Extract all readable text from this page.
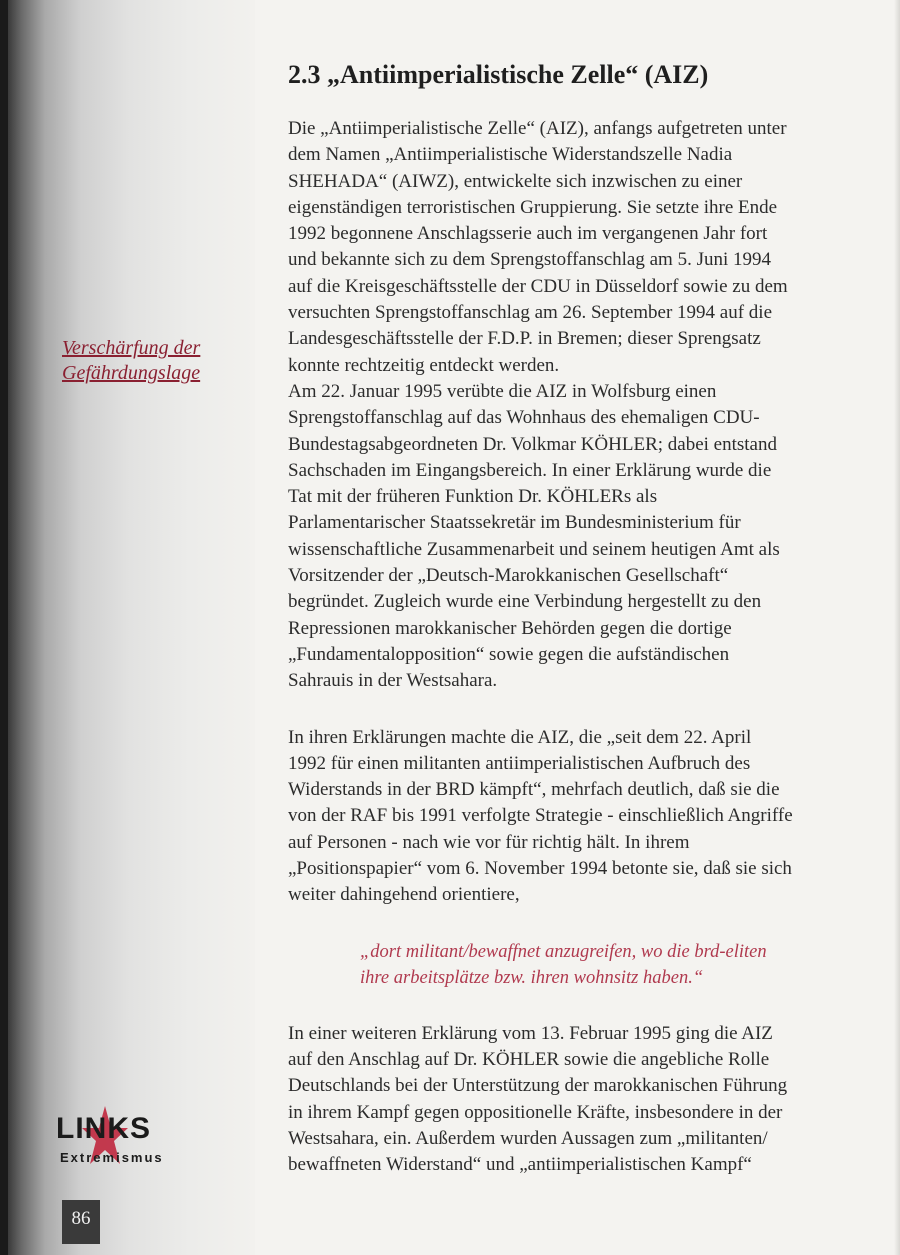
2.3 „Antiimperialistische Zelle“ (AIZ)
Verschärfung der
Gefährdungslage

Die „Antiimperialistische Zelle“ (AIZ), anfangs aufgetreten unter dem Namen „Antiimperialistische Widerstandszelle Nadia SHEHADA“ (AIWZ), entwickelte sich inzwischen zu einer eigenständigen terroristischen Gruppierung. Sie setzte ihre Ende 1992 begonnene Anschlagsserie auch im vergangenen Jahr fort und bekannte sich zu dem Sprengstoffanschlag am 5. Juni 1994 auf die Kreisgeschäftsstelle der CDU in Düsseldorf sowie zu dem versuchten Sprengstoffanschlag am 26. September 1994 auf die Landesgeschäftsstelle der F.D.P. in Bremen; dieser Sprengsatz konnte rechtzeitig entdeckt werden.

Am 22. Januar 1995 verübte die AIZ in Wolfsburg einen Sprengstoffanschlag auf das Wohnhaus des ehemaligen CDU-Bundestagsabgeordneten Dr. Volkmar KÖHLER; dabei entstand Sachschaden im Eingangsbereich. In einer Erklärung wurde die Tat mit der früheren Funktion Dr. KÖHLERs als Parlamentarischer Staatssekretär im Bundesministerium für wissenschaftliche Zusammenarbeit und seinem heutigen Amt als Vorsitzender der „Deutsch-Marokkanischen Gesellschaft“ begründet. Zugleich wurde eine Verbindung hergestellt zu den Repressionen marokkanischer Behörden gegen die dortige „Fundamentalopposition“ sowie gegen die aufständischen Sahrauis in der Westsahara.

In ihren Erklärungen machte die AIZ, die „seit dem 22. April 1992 für einen militanten antiimperialistischen Aufbruch des Widerstands in der BRD kämpft“, mehrfach deutlich, daß sie die von der RAF bis 1991 verfolgte Strategie - einschließlich Angriffe auf Personen - nach wie vor für richtig hält. In ihrem „Positionspapier“ vom 6. November 1994 betonte sie, daß sie sich weiter dahingehend orientiere,

„dort militant/bewaffnet anzugreifen, wo die brd-eliten ihre arbeitsplätze bzw. ihren wohnsitz haben.“

In einer weiteren Erklärung vom 13. Februar 1995 ging die AIZ auf den Anschlag auf Dr. KÖHLER sowie die angebliche Rolle Deutschlands bei der Unterstützung der marokkanischen Führung in ihrem Kampf gegen oppositionelle Kräfte, insbesondere in der Westsahara, ein. Außerdem wurden Aussagen zum „militanten/ bewaffneten Widerstand“ und „antiimperialistischen Kampf“

LINKS
Extremismus
86
